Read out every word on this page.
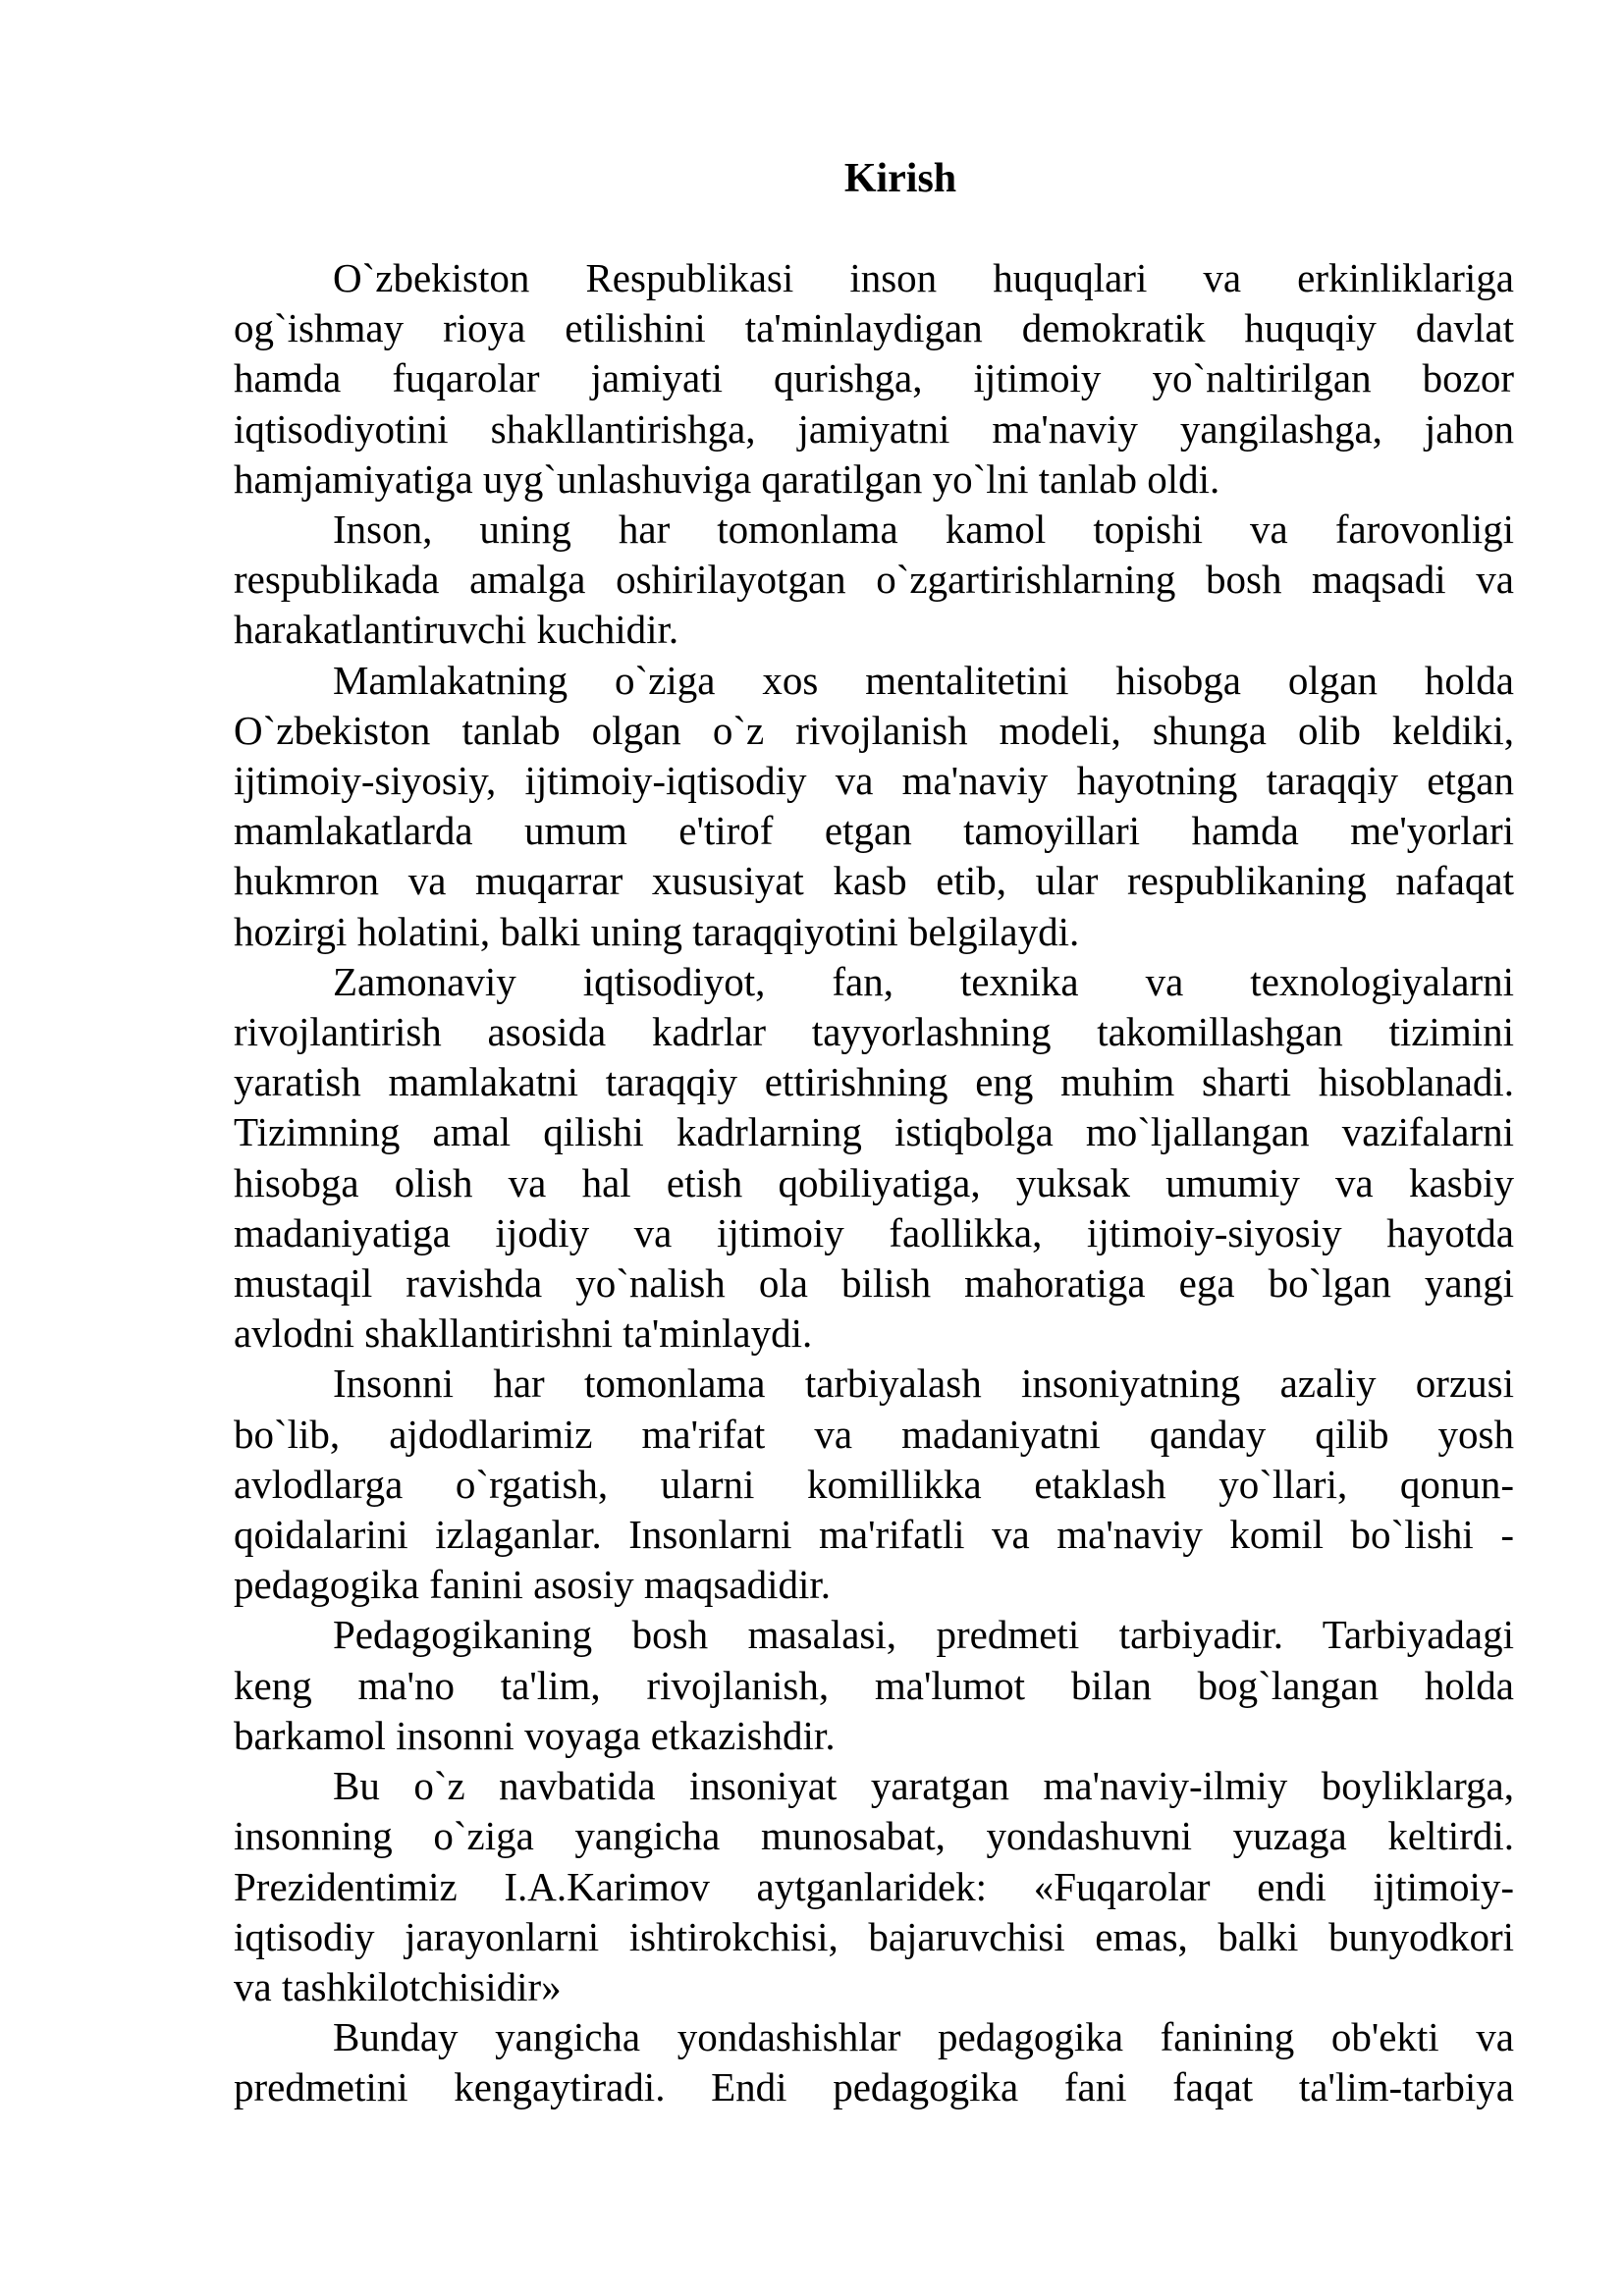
Kirish
O`zbekiston Respublikasi inson huquqlari va erkinliklariga
og`ishmay rioya etilishini ta'minlaydigan demokratik huquqiy davlat
hamda fuqarolar jamiyati qurishga, ijtimoiy yo`naltirilgan bozor
iqtisodiyotini shakllantirishga, jamiyatni ma'naviy yangilashga, jahon
hamjamiyatiga uyg`unlashuviga qaratilgan yo`lni tanlab oldi.
Inson, uning har tomonlama kamol topishi va farovonligi
respublikada amalga oshirilayotgan o`zgartirishlarning bosh maqsadi va
harakatlantiruvchi kuchidir.
Mamlakatning o`ziga xos mentalitetini hisobga olgan holda
O`zbekiston tanlab olgan o`z rivojlanish modeli, shunga olib keldiki,
ijtimoiy-siyosiy, ijtimoiy-iqtisodiy va ma'naviy hayotning taraqqiy etgan
mamlakatlarda umum e'tirof etgan tamoyillari hamda me'yorlari
hukmron va muqarrar xususiyat kasb etib, ular respublikaning nafaqat
hozirgi holatini, balki uning taraqqiyotini belgilaydi.
Zamonaviy iqtisodiyot, fan, texnika va texnologiyalarni
rivojlantirish asosida kadrlar tayyorlashning takomillashgan tizimini
yaratish mamlakatni taraqqiy ettirishning eng muhim sharti hisoblanadi.
Tizimning amal qilishi kadrlarning istiqbolga mo`ljallangan vazifalarni
hisobga olish va hal etish qobiliyatiga, yuksak umumiy va kasbiy
madaniyatiga ijodiy va ijtimoiy faollikka, ijtimoiy-siyosiy hayotda
mustaqil ravishda yo`nalish ola bilish mahoratiga ega bo`lgan yangi
avlodni shakllantirishni ta'minlaydi.
Insonni har tomonlama tarbiyalash insoniyatning azaliy orzusi
bo`lib, ajdodlarimiz ma'rifat va madaniyatni qanday qilib yosh
avlodlarga o`rgatish, ularni komillikka etaklash yo`llari, qonun-
qoidalarini izlaganlar. Insonlarni ma'rifatli va ma'naviy komil bo`lishi -
pedagogika fanini asosiy maqsadidir.
Pedagogikaning bosh masalasi, predmeti tarbiyadir. Tarbiyadagi
keng ma'no ta'lim, rivojlanish, ma'lumot bilan bog`langan holda
barkamol insonni voyaga etkazishdir.
Bu o`z navbatida insoniyat yaratgan ma'naviy-ilmiy boyliklarga,
insonning o`ziga yangicha munosabat, yondashuvni yuzaga keltirdi.
Prezidentimiz I.A.Karimov aytganlaridek: «Fuqarolar endi ijtimoiy-
iqtisodiy jarayonlarni ishtirokchisi, bajaruvchisi emas, balki bunyodkori
va tashkilotchisidir»
Bunday yangicha yondashishlar pedagogika fanining ob'ekti va
predmetini kengaytiradi. Endi pedagogika fani faqat ta'lim-tarbiya
